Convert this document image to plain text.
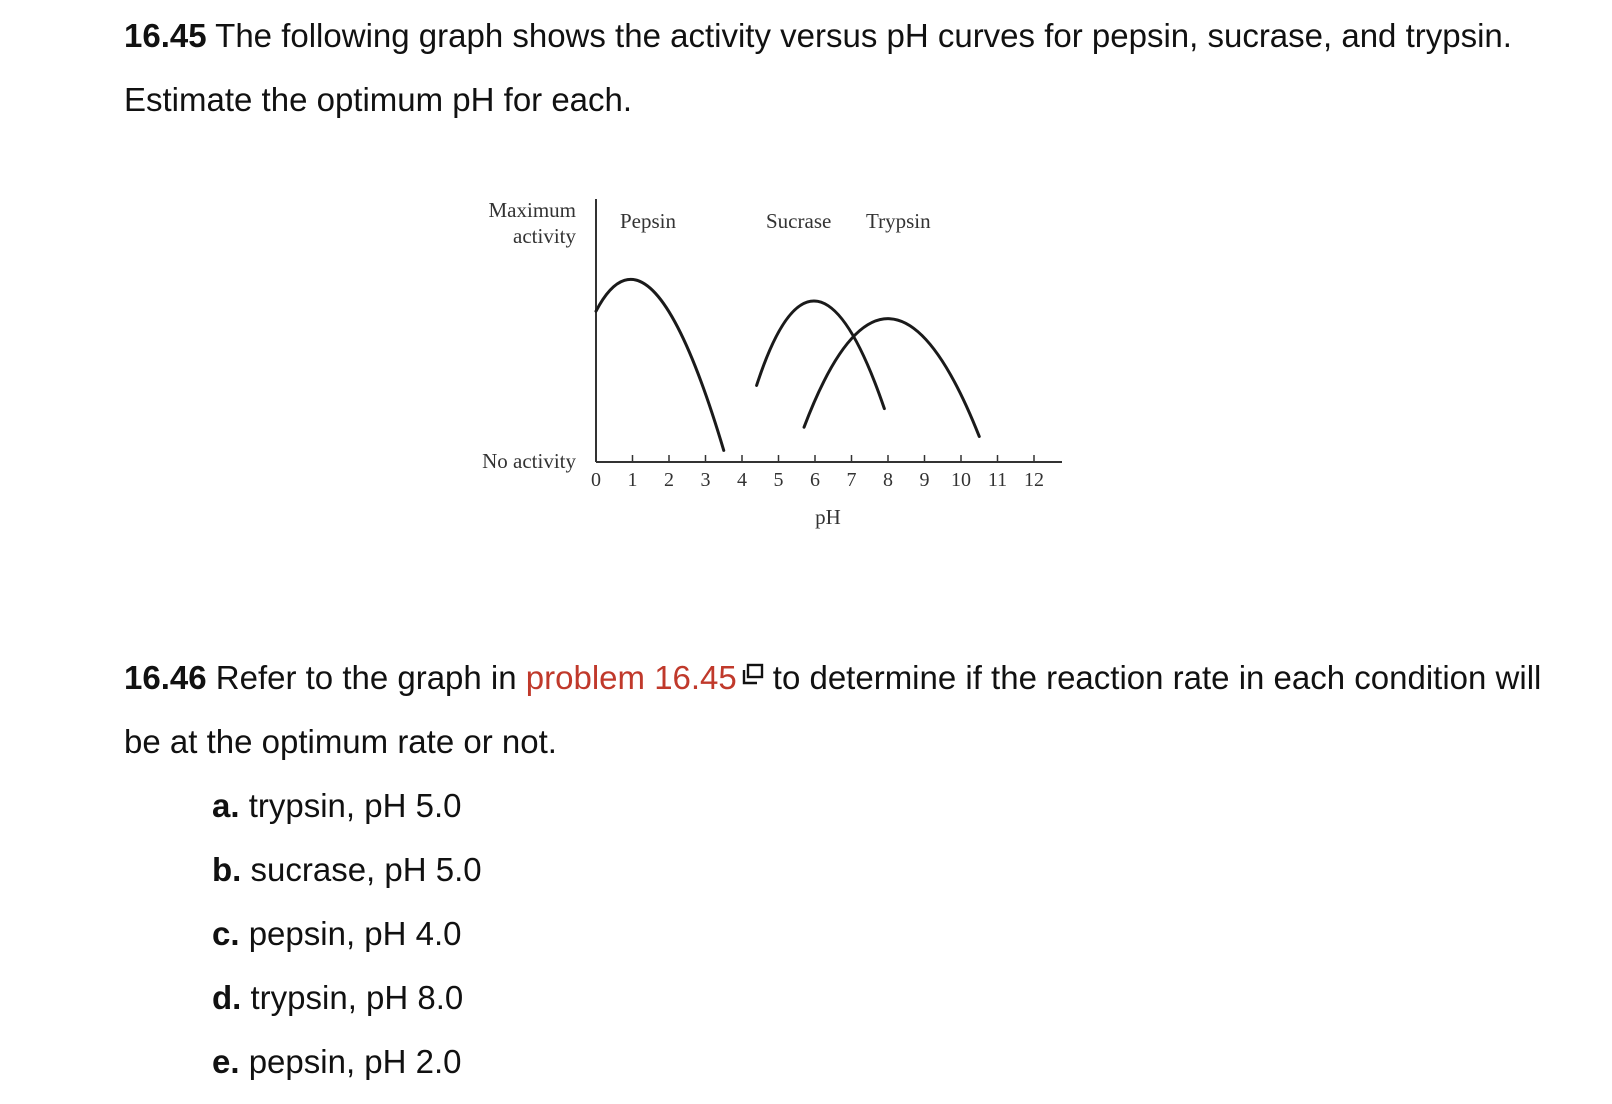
16.45 The following graph shows the activity versus pH curves for pepsin, sucrase, and trypsin. Estimate the optimum pH for each.

Maximum
activity
No activity
pH
0 1 2 3 4 5 6 7 8 9 10 11 12
Pepsin	Sucrase Trypsin
16.46 Refer to the graph in problem 16.45 to determine if the reaction rate in each condition will be at the optimum rate or not.
a. trypsin, pH 5.0
b. sucrase, pH 5.0
c. pepsin, pH 4.0
d. trypsin, pH 8.0
e. pepsin, pH 2.0
